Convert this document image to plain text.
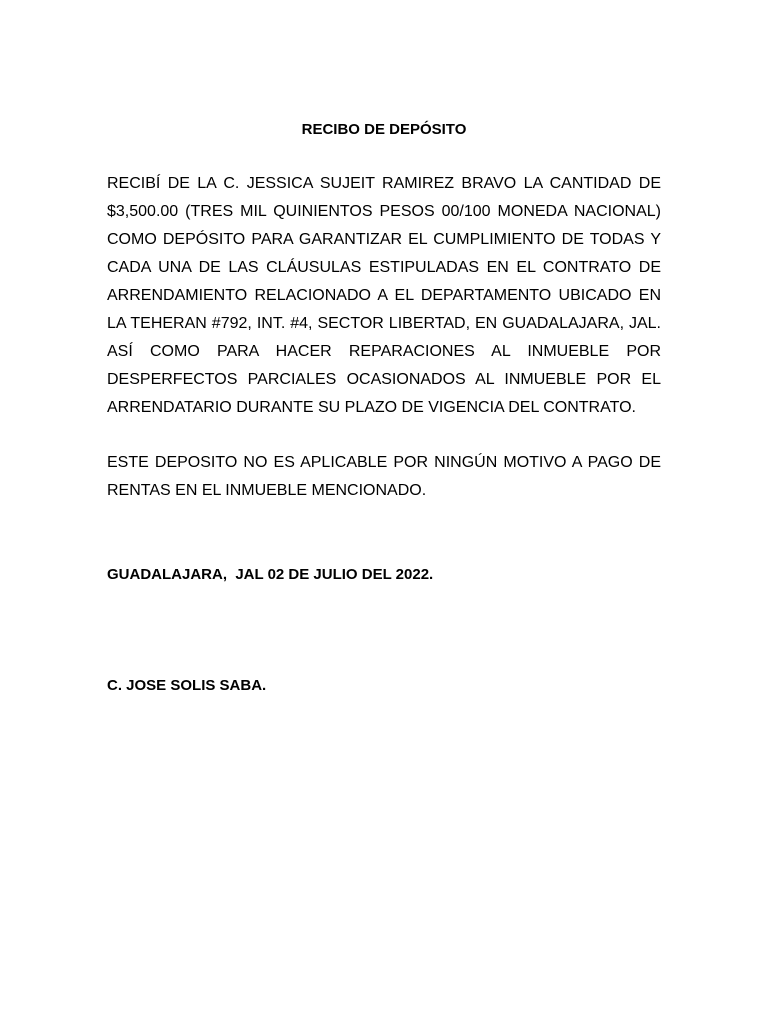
RECIBO DE DEPÓSITO
RECIBÍ DE LA C. JESSICA SUJEIT RAMIREZ BRAVO LA CANTIDAD DE
$3,500.00 (TRES MIL QUINIENTOS PESOS 00/100 MONEDA NACIONAL)
COMO DEPÓSITO PARA GARANTIZAR EL CUMPLIMIENTO DE TODAS Y
CADA UNA DE LAS CLÁUSULAS ESTIPULADAS EN EL CONTRATO DE
ARRENDAMIENTO RELACIONADO A EL DEPARTAMENTO UBICADO EN
LA TEHERAN #792, INT. #4, SECTOR LIBERTAD, EN GUADALAJARA, JAL.
ASÍ COMO PARA HACER REPARACIONES AL INMUEBLE POR
DESPERFECTOS PARCIALES OCASIONADOS AL INMUEBLE POR EL
ARRENDATARIO DURANTE SU PLAZO DE VIGENCIA DEL CONTRATO.
ESTE DEPOSITO NO ES APLICABLE POR NINGÚN MOTIVO A PAGO DE
RENTAS EN EL INMUEBLE MENCIONADO.
GUADALAJARA,  JAL 02 DE JULIO DEL 2022.
C. JOSE SOLIS SABA.
